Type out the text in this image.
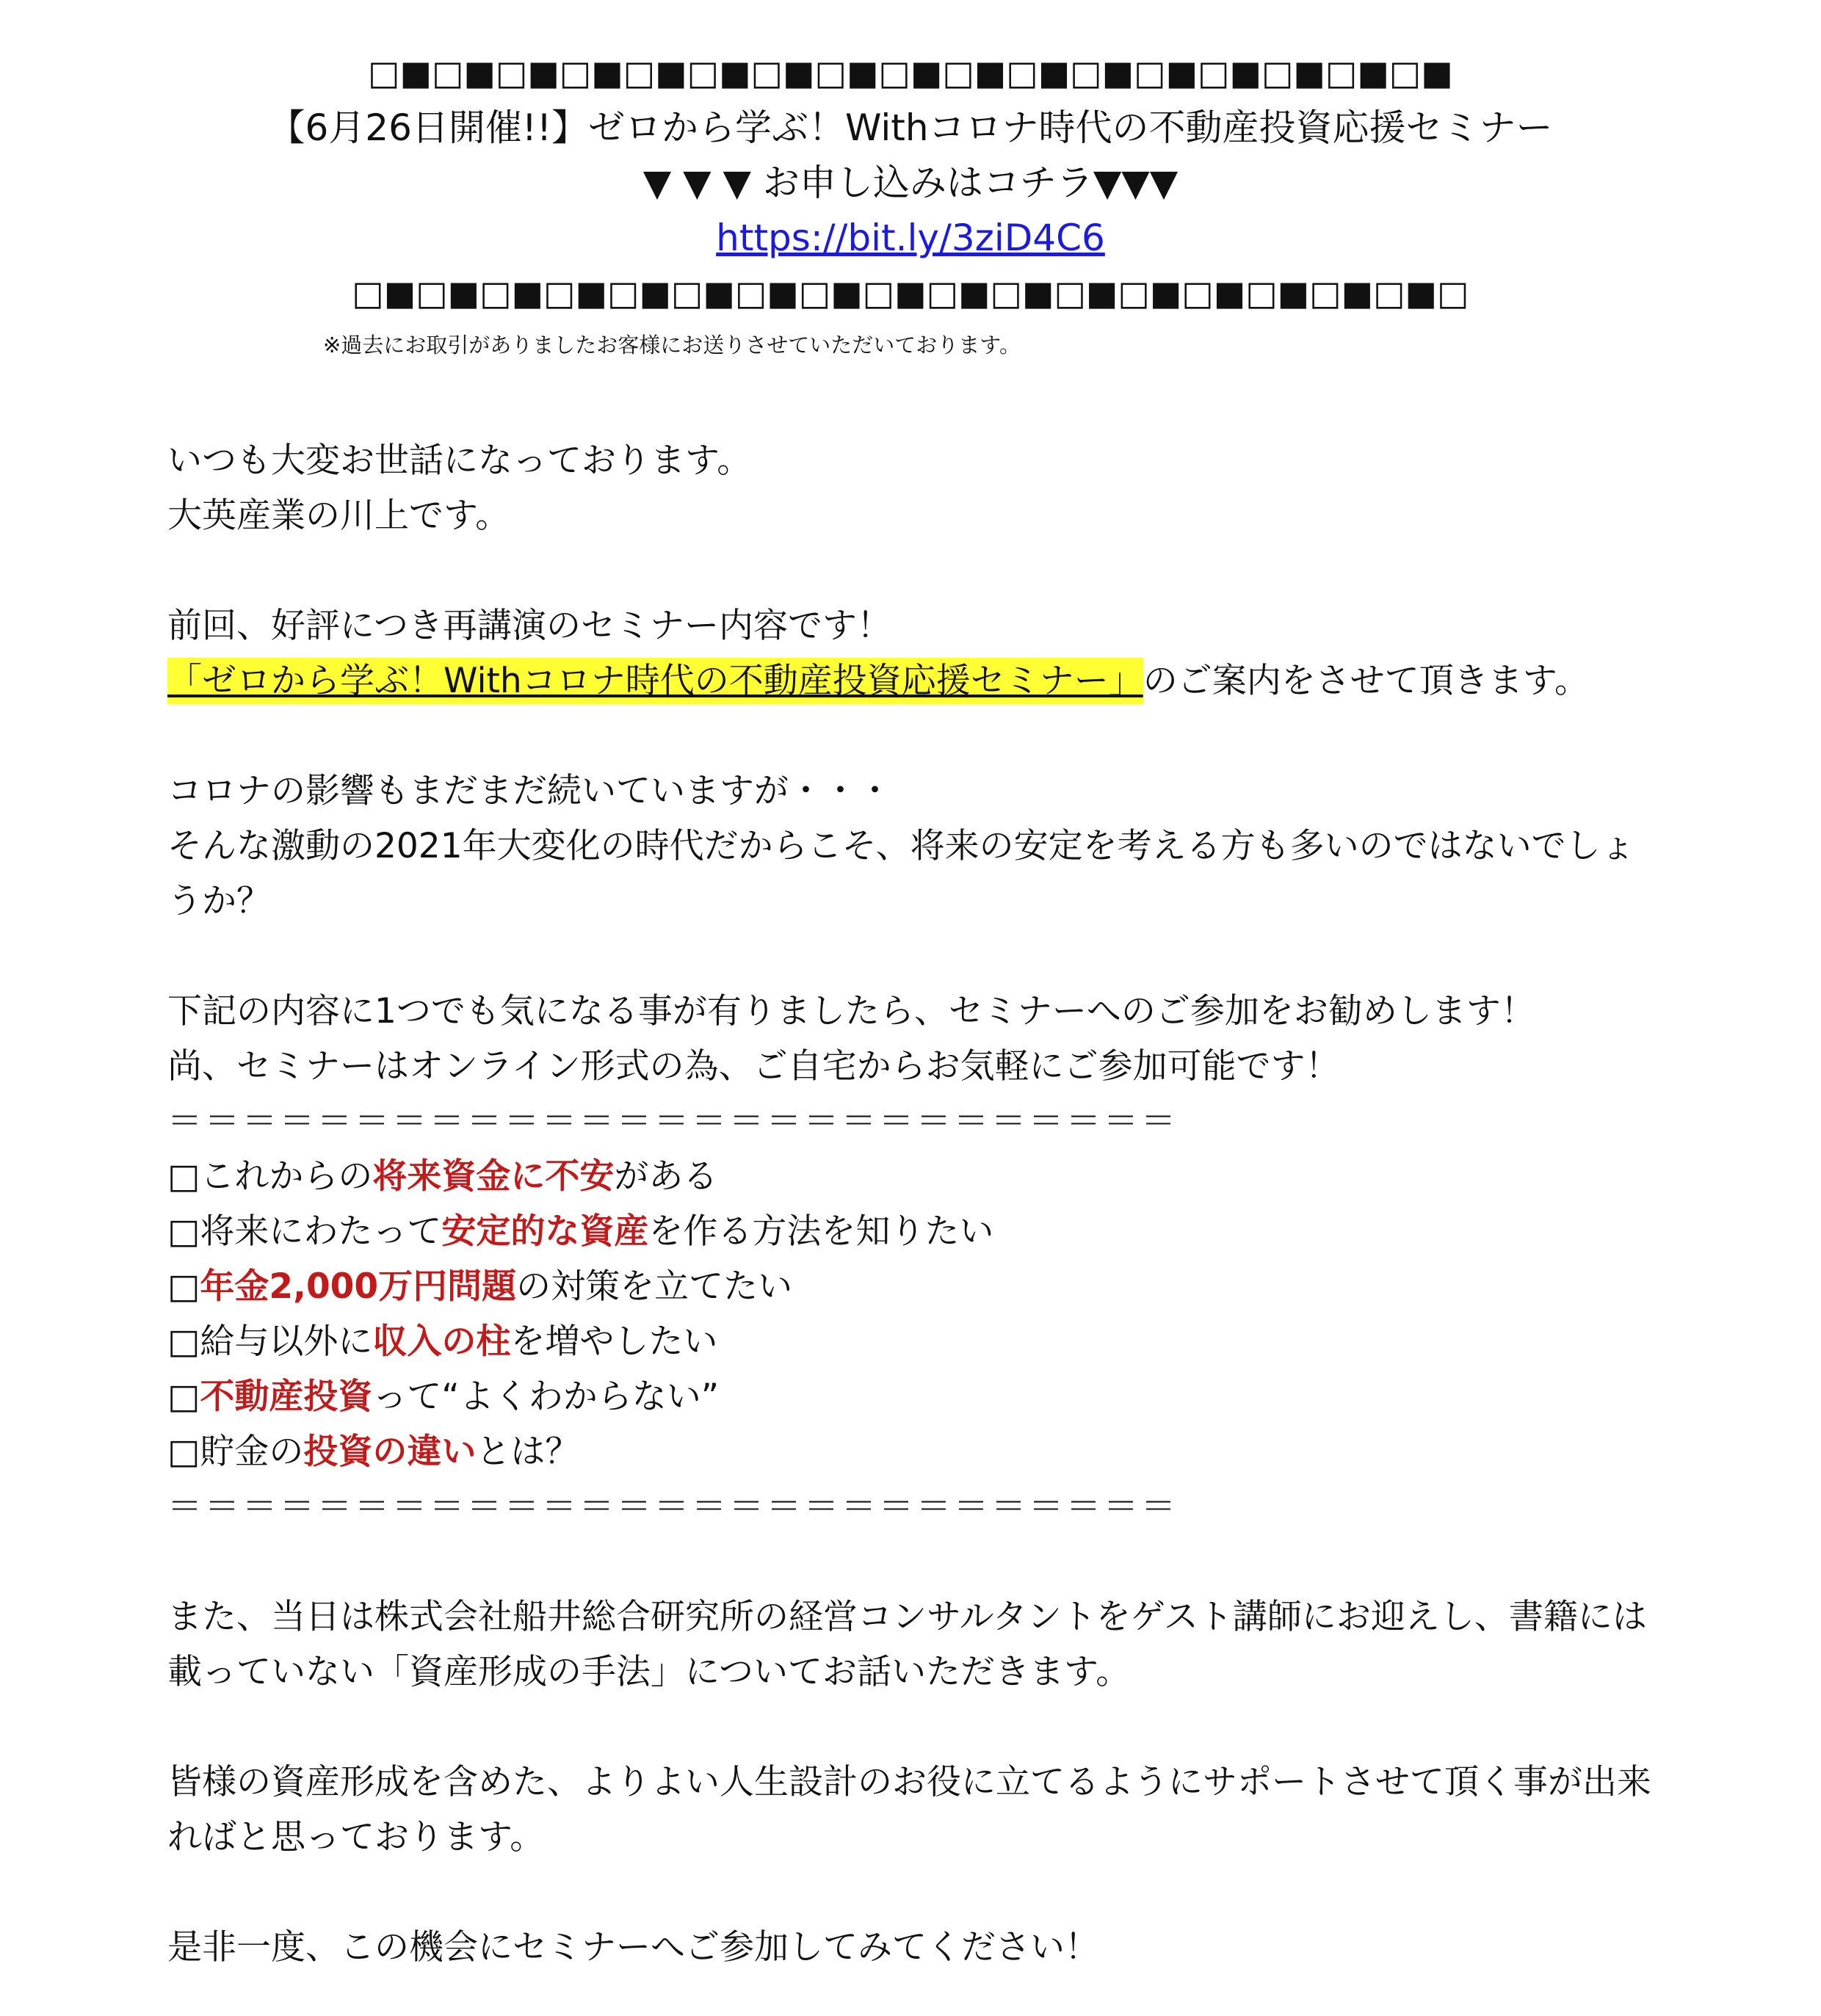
□■□■□■□■□■□■□■□■□■□■□■□■□■□■□■□■□■
【6月26日開催!!】ゼロから学ぶ！Withコロナ時代の不動産投資応援セミナー
▼ ▼ ▼ お申し込みはコチラ▼▼▼
https://bit.ly/3ziD4C6
□■□■□■□■□■□■□■□■□■□■□■□■□■□■□■□■□■□
※過去にお取引がありましたお客様にお送りさせていただいております。
いつも大変お世話になっております。
大英産業の川上です。
前回、好評につき再講演のセミナー内容です！
「ゼロから学ぶ！Withコロナ時代の不動産投資応援セミナー」のご案内をさせて頂きます。
コロナの影響もまだまだ続いていますが・・・
そんな激動の2021年大変化の時代だからこそ、将来の安定を考える方も多いのではないでしょうか？
下記の内容に1つでも気になる事が有りましたら、セミナーへのご参加をお勧めします！
尚、セミナーはオンライン形式の為、ご自宅からお気軽にご参加可能です！
＝＝＝＝＝＝＝＝＝＝＝＝＝＝＝＝＝＝＝＝＝＝＝＝＝＝＝
□これからの将来資金に不安がある
□将来にわたって安定的な資産を作る方法を知りたい
□年金2,000万円問題の対策を立てたい
□給与以外に収入の柱を増やしたい
□不動産投資って“よくわからない”
□貯金の投資の違いとは？
＝＝＝＝＝＝＝＝＝＝＝＝＝＝＝＝＝＝＝＝＝＝＝＝＝＝＝
また、当日は株式会社船井総合研究所の経営コンサルタントをゲスト講師にお迎えし、書籍には載っていない「資産形成の手法」についてお話いただきます。
皆様の資産形成を含めた、よりよい人生設計のお役に立てるようにサポートさせて頂く事が出来ればと思っております。
是非一度、この機会にセミナーへご参加してみてください！
